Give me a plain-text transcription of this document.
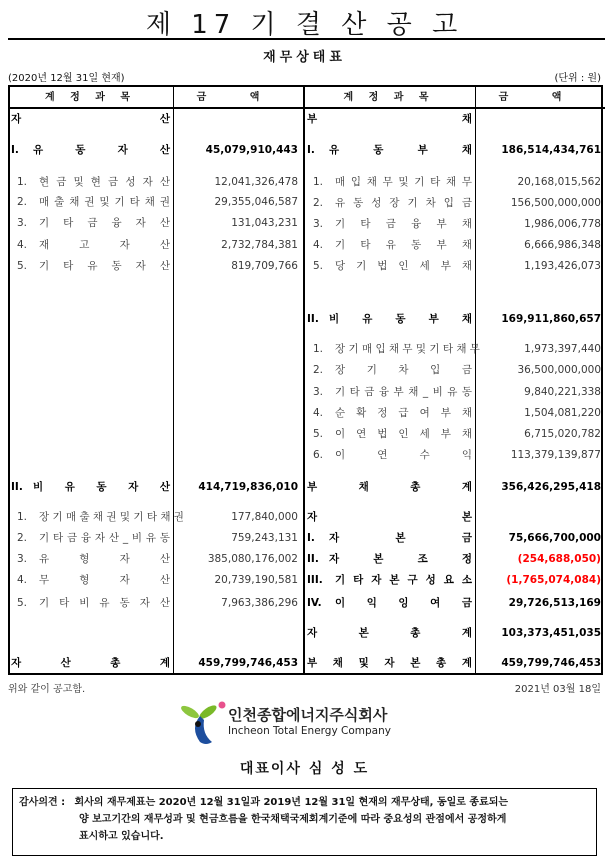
제 17 기 결 산 공 고
재무상태표
(2020년 12월 31일 현재)	(단위 : 원)
계 정 과 목	금 액	계 정 과 목	금 액
자 산
I.	유 동 자 산	45,079,910,443
1.	현 금 및 현 금 성 자 산	12,041,326,478
2.	매 출 채 권 및 기 타 채 권	29,355,046,587
3.	기 타 금 융 자 산	131,043,231
4.	재 고 자 산	2,732,784,381
5.	기 타 유 동 자 산	819,709,766
II. 비 유 동 자 산	414,719,836,010
1.	장 기 매 출 채 권 및 기 타 채 권	177,840,000
2.	기 타 금 융 자 산 _ 비 유 동	759,243,131
3.	유 형 자 산	385,080,176,002
4.	무 형 자 산	20,739,190,581
5.	기 타 비 유 동 자 산	7,963,386,296
자 산 총 계	459,799,746,453
부 채
I.	유 동 부 채	186,514,434,761
1.	매 입 채 무 및 기 타 채 무	20,168,015,562
2.	유 동 성 장 기 차 입 금	156,500,000,000
3.	기 타 금 융 부 채	1,986,006,778
4.	기 타 유 동 부 채	6,666,986,348
5.	당 기 법 인 세 부 채	1,193,426,073
II. 비 유 동 부 채	169,911,860,657
1.	장 기 매 입 채 무 및 기 타 채 무	1,973,397,440
2.	장 기 차 입 금	36,500,000,000
3.	기 타 금 융 부 채 _ 비 유 동	9,840,221,338
4.	순 확 정 급 여 부 채	1,504,081,220
5.	이 연 법 인 세 부 채	6,715,020,782
6.	이 연 수 익	113,379,139,877
부 채 총 계	356,426,295,418
자 본
I.	자 본 금	75,666,700,000
II. 자 본 조 정	(254,688,050)
III.	기 타 자 본 구 성 요 소	(1,765,074,084)
IV.	이 익 잉 여 금	29,726,513,169
자 본 총 계	103,373,451,035
부 채 및 자 본 총 계	459,799,746,453
위와 같이 공고함.	2021년 03월 18일
인천종합에너지주식회사
Incheon Total Energy Company
대표이사 심 성 도
감사의견 : 회사의 재무제표는 2020년 12월 31일과 2019년 12월 31일 현재의 재무상태, 동일로 종료되는
양 보고기간의 재무성과 및 현금흐름을 한국채택국제회계기준에 따라 중요성의 관점에서 공정하게
표시하고 있습니다.
